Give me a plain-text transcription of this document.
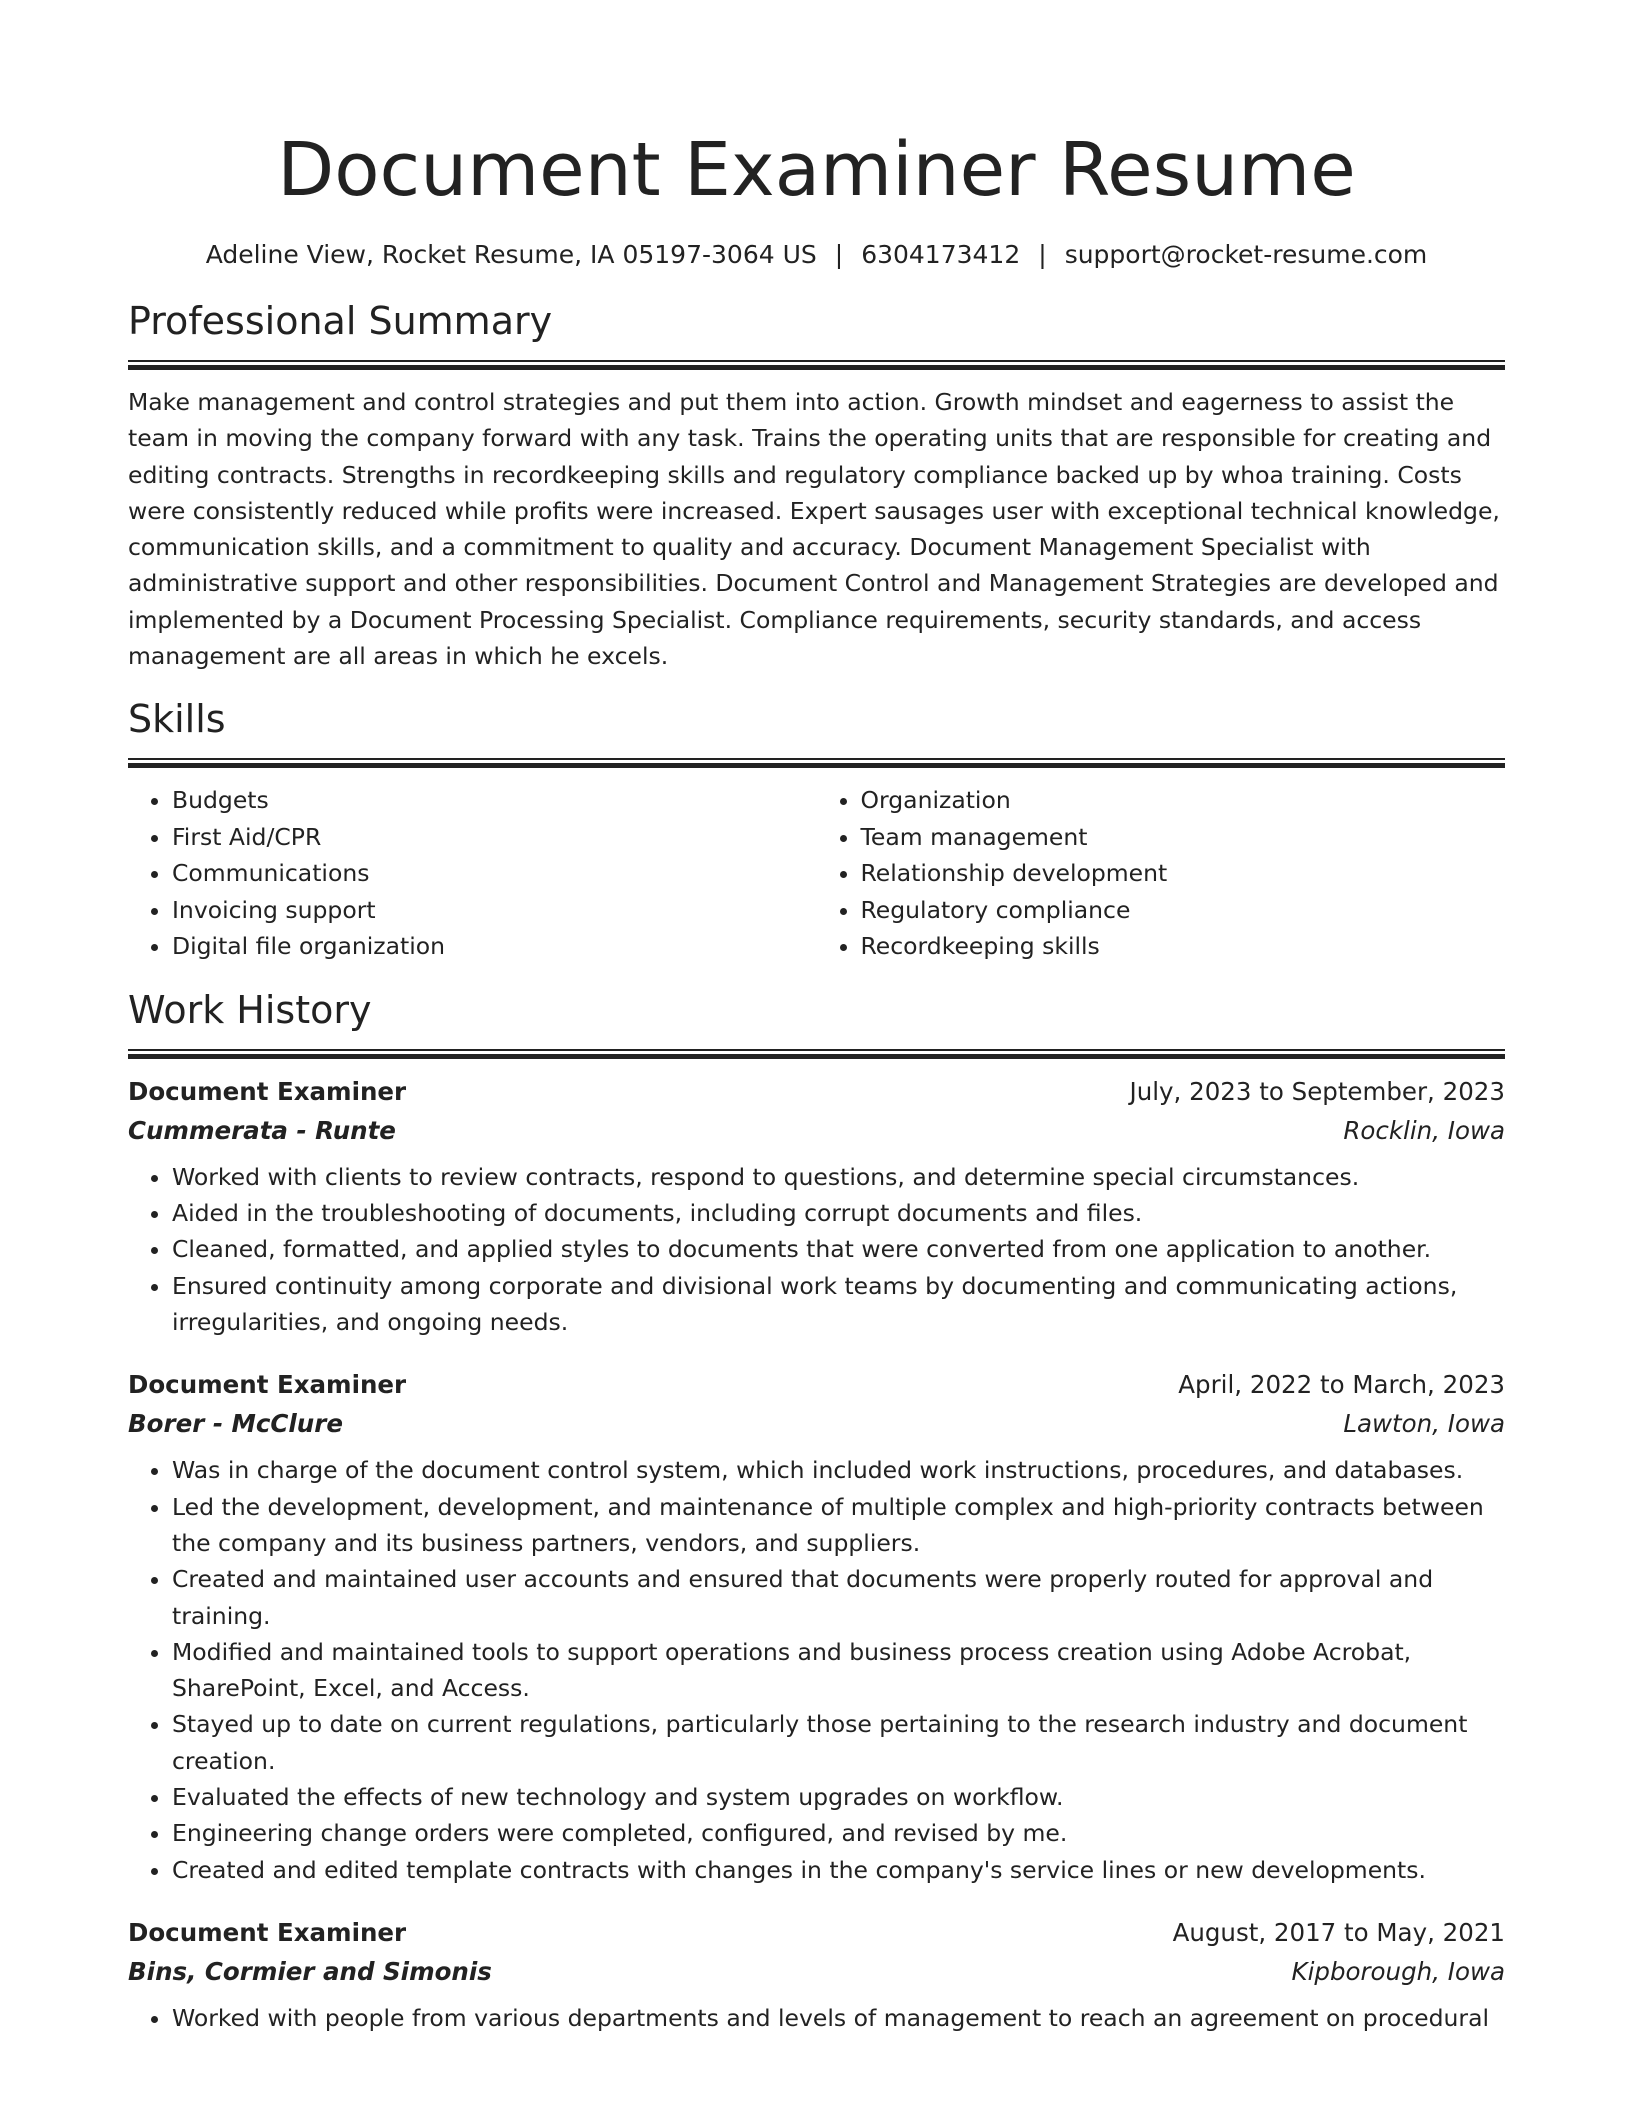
Document Examiner Resume
Adeline View, Rocket Resume, IA 05197-3064 US | 6304173412 | support@rocket-resume.com
Professional Summary

Make management and control strategies and put them into action. Growth mindset and eagerness to assist the team in moving the company forward with any task. Trains the operating units that are responsible for creating and editing contracts. Strengths in recordkeeping skills and regulatory compliance backed up by whoa training. Costs were consistently reduced while profits were increased. Expert sausages user with exceptional technical knowledge, communication skills, and a commitment to quality and accuracy. Document Management Specialist with administrative support and other responsibilities. Document Control and Management Strategies are developed and implemented by a Document Processing Specialist. Compliance requirements, security standards, and access management are all areas in which he excels.

Skills
• Budgets
• First Aid/CPR
• Communications
• Invoicing support
• Digital file organization
• Organization
• Team management
• Relationship development
• Regulatory compliance
• Recordkeeping skills
Work History
Document Examiner	July, 2023 to September, 2023
Cummerata - Runte	Rocklin, Iowa
• Worked with clients to review contracts, respond to questions, and determine special circumstances.
• Aided in the troubleshooting of documents, including corrupt documents and files.
• Cleaned, formatted, and applied styles to documents that were converted from one application to another.
• Ensured continuity among corporate and divisional work teams by documenting and communicating actions, irregularities, and ongoing needs.
Document Examiner	April, 2022 to March, 2023
Borer - McClure	Lawton, Iowa
• Was in charge of the document control system, which included work instructions, procedures, and databases.
• Led the development, development, and maintenance of multiple complex and high-priority contracts between the company and its business partners, vendors, and suppliers.
• Created and maintained user accounts and ensured that documents were properly routed for approval and training.
• Modified and maintained tools to support operations and business process creation using Adobe Acrobat, SharePoint, Excel, and Access.
• Stayed up to date on current regulations, particularly those pertaining to the research industry and document creation.
• Evaluated the effects of new technology and system upgrades on workflow.
• Engineering change orders were completed, configured, and revised by me.
• Created and edited template contracts with changes in the company's service lines or new developments.
Document Examiner	August, 2017 to May, 2021
Bins, Cormier and Simonis	Kipborough, Iowa
• Worked with people from various departments and levels of management to reach an agreement on procedural
